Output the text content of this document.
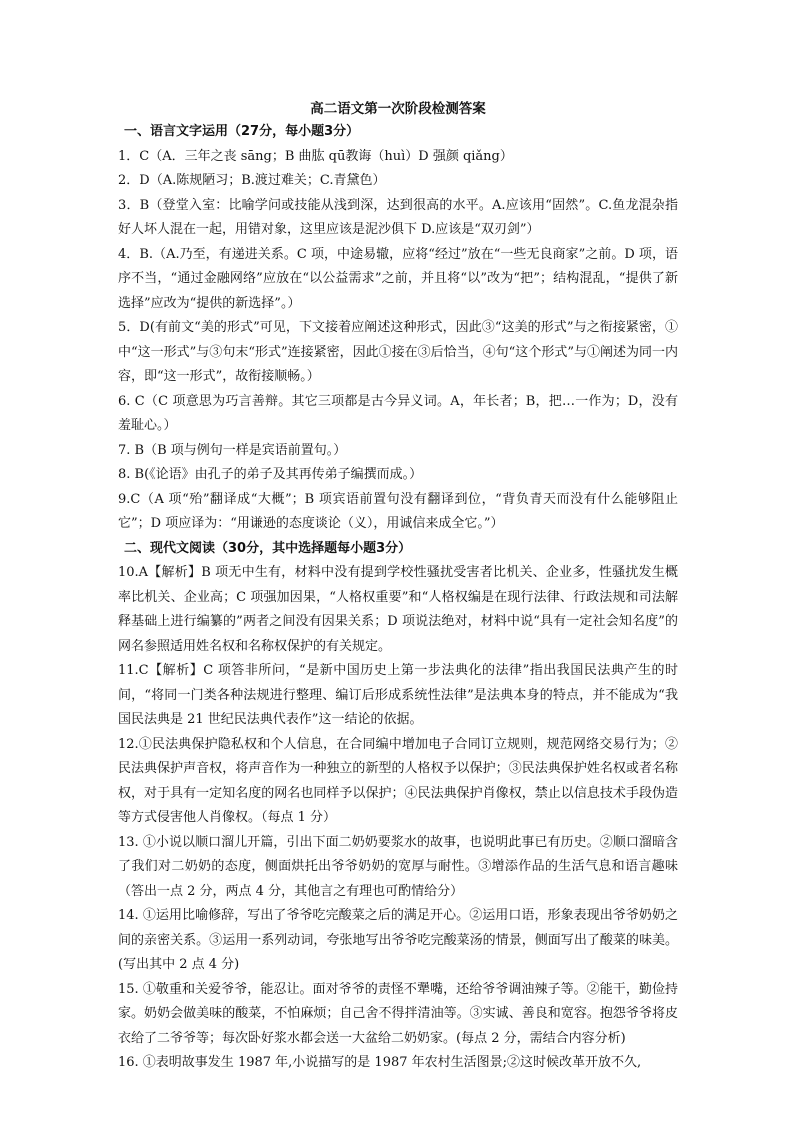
高二语文第一次阶段检测答案
一、语言文字运用（27分，每小题3分）
1．C（A．三年之丧 sāng；B 曲肱 qū教诲（huì）D 强颜 qiǎng）
2．D（A.陈规陋习；B.渡过难关；C.青黛色）
3．B（登堂入室：比喻学问或技能从浅到深，达到很高的水平。A.应该用“固然”。C.鱼龙混杂指好人坏人混在一起，用错对象，这里应该是泥沙俱下 D.应该是“双刃剑”）
4．B.（A.乃至，有递进关系。C 项，中途易辙，应将“经过”放在“一些无良商家”之前。D 项，语序不当，“通过金融网络”应放在“以公益需求”之前，并且将“以”改为“把”；结构混乱，“提供了新选择”应改为“提供的新选择”。）
5．D(有前文“美的形式”可见，下文接着应阐述这种形式，因此③“这美的形式”与之衔接紧密，①中“这一形式”与③句末“形式”连接紧密，因此①接在③后恰当，④句“这个形式”与①阐述为同一内容，即“这一形式”，故衔接顺畅。）
6. C（C 项意思为巧言善辩。其它三项都是古今异义词。A，年长者；B，把…一作为；D，没有羞耻心。）
7. B（B 项与例句一样是宾语前置句。）
8. B(《论语》由孔子的弟子及其再传弟子编撰而成。）
9.C（A 项“殆”翻译成“大概”；B 项宾语前置句没有翻译到位，“背负青天而没有什么能够阻止它”；D 项应译为：“用谦逊的态度谈论（义），用诚信来成全它。”）
二、现代文阅读（30分，其中选择题每小题3分）
10.A【解析】B 项无中生有，材料中没有提到学校性骚扰受害者比机关、企业多，性骚扰发生概率比机关、企业高；C 项强加因果，“人格权重要”和“人格权编是在现行法律、行政法规和司法解释基础上进行编纂的”两者之间没有因果关系；D 项说法绝对，材料中说“具有一定社会知名度”的网名参照适用姓名权和名称权保护的有关规定。
11.C【解析】C 项答非所问，“是新中国历史上第一步法典化的法律”指出我国民法典产生的时间，“将同一门类各种法规进行整理、编订后形成系统性法律”是法典本身的特点，并不能成为“我国民法典是 21 世纪民法典代表作”这一结论的依据。
12.①民法典保护隐私权和个人信息，在合同编中增加电子合同订立规则，规范网络交易行为；②民法典保护声音权，将声音作为一种独立的新型的人格权予以保护；③民法典保护姓名权或者名称权，对于具有一定知名度的网名也同样予以保护；④民法典保护肖像权，禁止以信息技术手段伪造等方式侵害他人肖像权。（每点 1 分）
13. ①小说以顺口溜儿开篇，引出下面二奶奶要浆水的故事，也说明此事已有历史。②顺口溜暗含了我们对二奶奶的态度，侧面烘托出爷爷奶奶的宽厚与耐性。③增添作品的生活气息和语言趣味（答出一点 2 分，两点 4 分，其他言之有理也可酌情给分）
14. ①运用比喻修辞，写出了爷爷吃完酸菜之后的满足开心。②运用口语，形象表现出爷爷奶奶之间的亲密关系。③运用一系列动词，夸张地写出爷爷吃完酸菜汤的情景，侧面写出了酸菜的味美。(写出其中 2 点 4 分)
15. ①敬重和关爱爷爷，能忍让。面对爷爷的责怪不犟嘴，还给爷爷调油辣子等。②能干，勤俭持家。奶奶会做美味的酸菜，不怕麻烦；自己舍不得拌清油等。③实诚、善良和宽容。抱怨爷爷将皮衣给了二爷爷等；每次卧好浆水都会送一大盆给二奶奶家。(每点 2 分，需结合内容分析)
16. ①表明故事发生 1987 年,小说描写的是 1987 年农村生活图景;②这时候改革开放不久,
